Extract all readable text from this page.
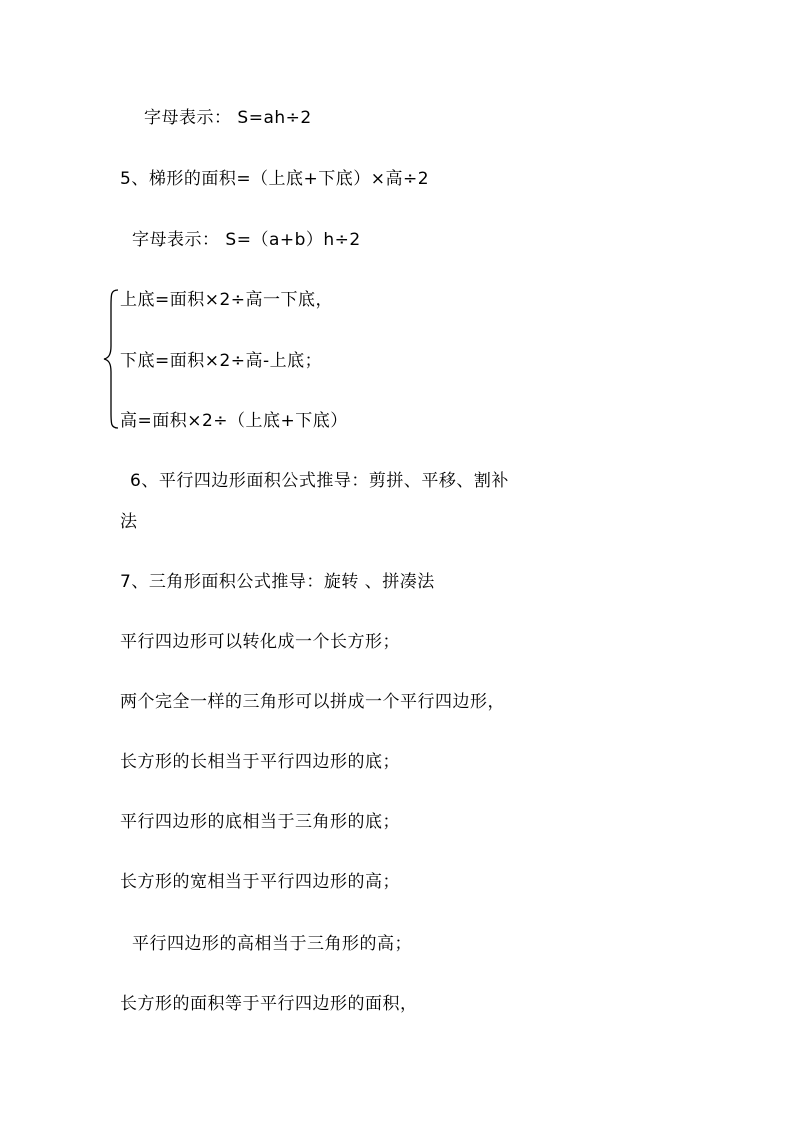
字母表示： S=ah÷2
5、梯形的面积=（上底+下底）×高÷2
字母表示： S=（a+b）h÷2
上底=面积×2÷高一下底，
下底=面积×2÷高-上底；
高=面积×2÷（上底+下底）
6、平行四边形面积公式推导：剪拼、平移、割补
法
7、三角形面积公式推导：旋转 、拼凑法
平行四边形可以转化成一个长方形；
两个完全一样的三角形可以拼成一个平行四边形，
长方形的长相当于平行四边形的底；
平行四边形的底相当于三角形的底；
长方形的宽相当于平行四边形的高；
平行四边形的高相当于三角形的高；
长方形的面积等于平行四边形的面积，
